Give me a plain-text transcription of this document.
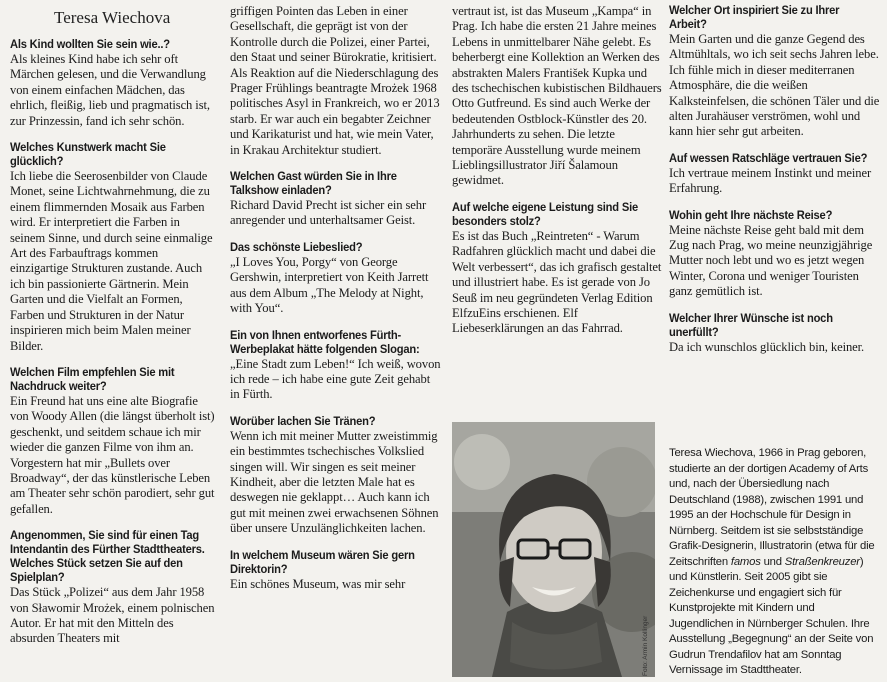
Teresa Wiechova

Als Kind wollten Sie sein wie..?

Als kleines Kind habe ich sehr oft Märchen gelesen, und die Verwandlung von einem einfachen Mädchen, das ehrlich, fleißig, lieb und pragmatisch ist, zur Prinzessin, fand ich sehr schön.

Welches Kunstwerk macht Sie glücklich?

Ich liebe die Seerosenbilder von Claude Monet, seine Lichtwahrnehmung, die zu einem flimmernden Mosaik aus Farben wird. Er interpretiert die Farben in seinem Sinne, und durch seine einmalige Art des Farbauftrags kommen einzigartige Strukturen zustande. Auch ich bin passionierte Gärtnerin. Mein Garten und die Vielfalt an Formen, Farben und Strukturen in der Natur inspirieren mich beim Malen meiner Bilder.

Welchen Film empfehlen Sie mit Nachdruck weiter?

Ein Freund hat uns eine alte Biografie von Woody Allen (die längst überholt ist) geschenkt, und seitdem schaue ich mir wieder die ganzen Filme von ihm an. Vorgestern hat mir „Bullets over Broadway“, der das künstlerische Leben am Theater sehr schön parodiert, sehr gut gefallen.

Angenommen, Sie sind für einen Tag Intendantin des Fürther Stadttheaters. Welches Stück setzen Sie auf den Spielplan?

Das Stück „Polizei“ aus dem Jahr 1958 von Sławomir Mrożek, einem polnischen Autor. Er hat mit den Mitteln des absurden Theaters mit

griffigen Pointen das Leben in einer Gesellschaft, die geprägt ist von der Kontrolle durch die Polizei, einer Partei, den Staat und seiner Bürokratie, kritisiert. Als Reaktion auf die Niederschlagung des Prager Frühlings beantragte Mrożek 1968 politisches Asyl in Frankreich, wo er 2013 starb. Er war auch ein begabter Zeichner und Karikaturist und hat, wie mein Vater, in Krakau Architektur studiert.

Welchen Gast würden Sie in Ihre Talkshow einladen?

Richard David Precht ist sicher ein sehr anregender und unterhaltsamer Geist.

Das schönste Liebeslied?

„I Loves You, Porgy“ von George Gershwin, interpretiert von Keith Jarrett aus dem Album „The Melody at Night, with You“.

Ein von Ihnen entworfenes Fürth-Werbeplakat hätte folgenden Slogan:

„Eine Stadt zum Leben!“ Ich weiß, wovon ich rede – ich habe eine gute Zeit gehabt in Fürth.

Worüber lachen Sie Tränen?

Wenn ich mit meiner Mutter zweistimmig ein bestimmtes tschechisches Volkslied singen will. Wir singen es seit meiner Kindheit, aber die letzten Male hat es deswegen nie geklappt… Auch kann ich gut mit meinen zwei erwachsenen Söhnen über unsere Unzulänglichkeiten lachen.

In welchem Museum wären Sie gern Direktorin?

Ein schönes Museum, was mir sehr

vertraut ist, ist das Museum „Kampa“ in Prag. Ich habe die ersten 21 Jahre meines Lebens in unmittelbarer Nähe gelebt. Es beherbergt eine Kollektion an Werken des abstrakten Malers František Kupka und des tschechischen kubistischen Bildhauers Otto Gutfreund. Es sind auch Werke der bedeutenden Ostblock-Künstler des 20. Jahrhunderts zu sehen. Die letzte temporäre Ausstellung wurde meinem Lieblingsillustrator Jiří Šalamoun gewidmet.

Auf welche eigene Leistung sind Sie besonders stolz?

Es ist das Buch „Reintreten“ - Warum Radfahren glücklich macht und dabei die Welt verbessert“, das ich grafisch gestaltet und illustriert habe. Es ist gerade von Jo Seuß im neu gegründeten Verlag Edition ElfzuEins erschienen. Elf Liebeserklärungen an das Fahrrad.

Welcher Ort inspiriert Sie zu Ihrer Arbeit?

Mein Garten und die ganze Gegend des Altmühltals, wo ich seit sechs Jahren lebe. Ich fühle mich in dieser mediterranen Atmosphäre, die die weißen Kalksteinfelsen, die schönen Täler und die alten Jurahäuser verströmen, wohl und kann hier sehr gut arbeiten.

Auf wessen Ratschläge vertrauen Sie?

Ich vertraue meinem Instinkt und meiner Erfahrung.

Wohin geht Ihre nächste Reise?

Meine nächste Reise geht bald mit dem Zug nach Prag, wo meine neunzigjährige Mutter noch lebt und wo es jetzt wegen Winter, Corona und weniger Touristen ganz gemütlich ist.

Welcher Ihrer Wünsche ist noch unerfüllt?

Da ich wunschlos glücklich bin, keiner.

Foto: Armin Kollinger

Teresa Wiechova, 1966 in Prag geboren, studierte an der dortigen Academy of Arts und, nach der Übersiedlung nach Deutschland (1988), zwischen 1991 und 1995 an der Hochschule für Design in Nürnberg. Seitdem ist sie selbstständige Grafik-Designerin, Illustratorin (etwa für die Zeitschriften famos und Straßenkreuzer) und Künstlerin. Seit 2005 gibt sie Zeichenkurse und engagiert sich für Kunstprojekte mit Kindern und Jugendlichen in Nürnberger Schulen. Ihre Ausstellung „Begegnung“ an der Seite von Gudrun Trendafilov hat am Sonntag Vernissage im Stadttheater.
